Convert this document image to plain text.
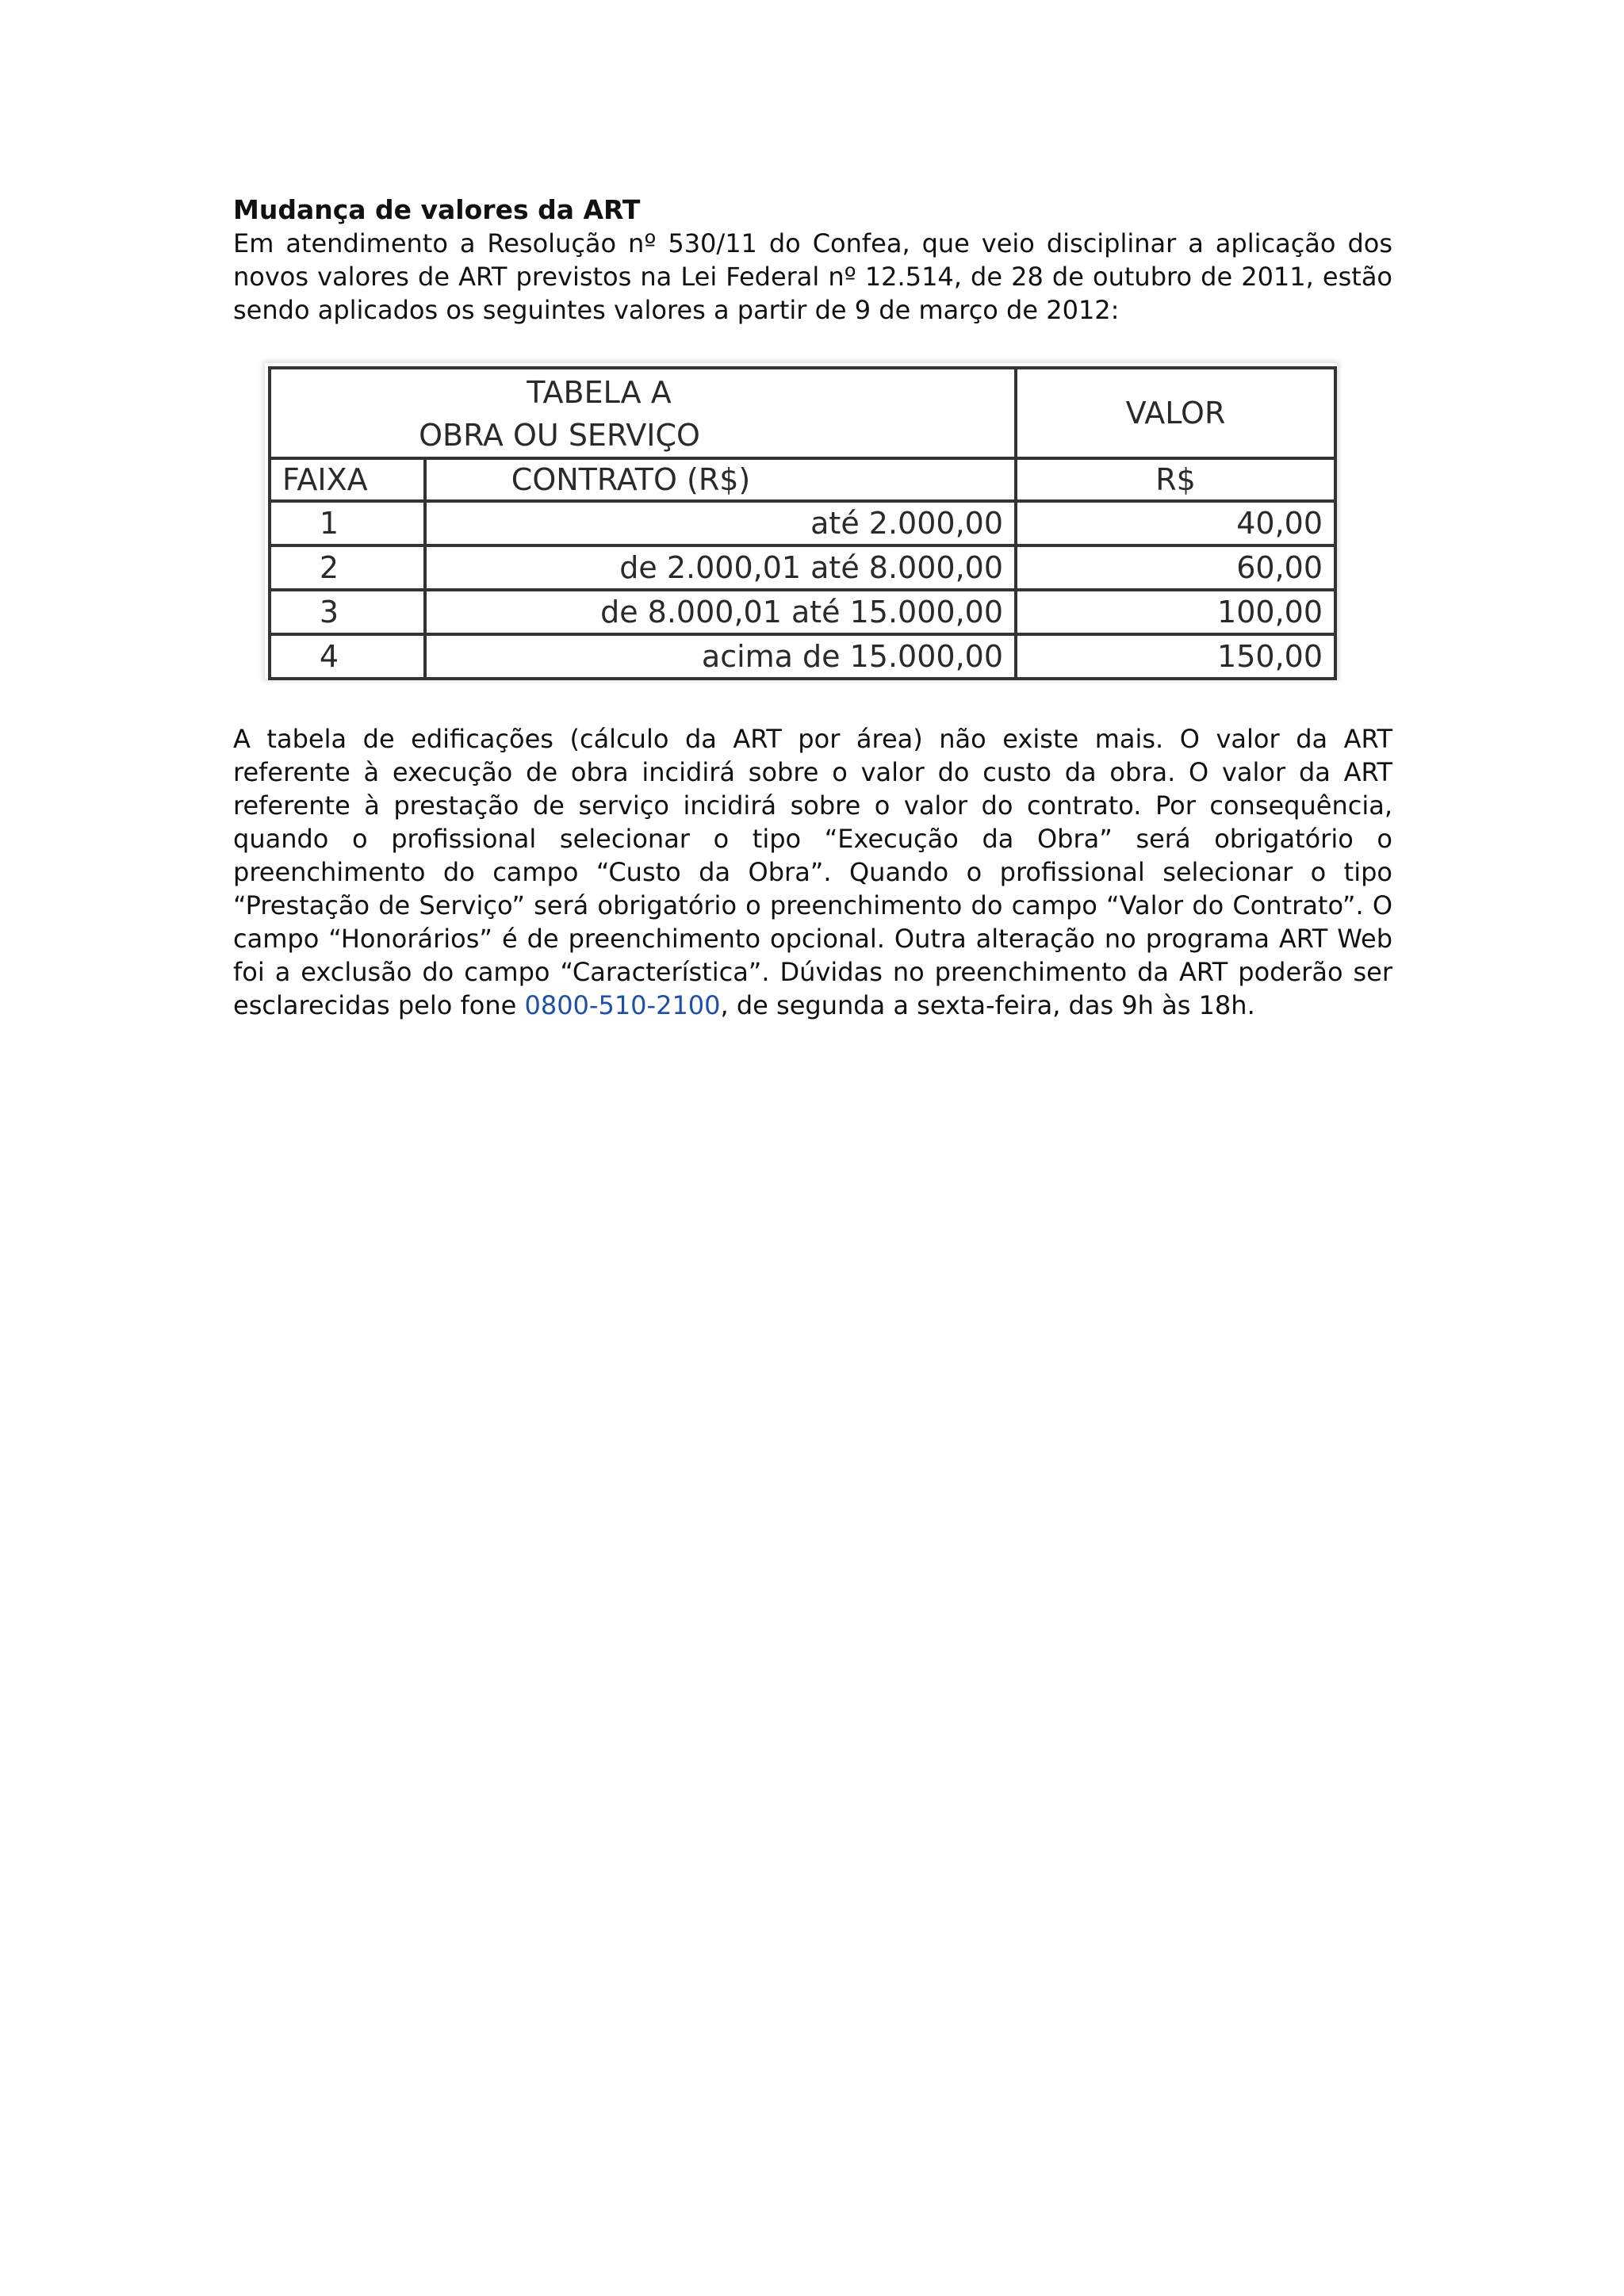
Mudança de valores da ART

Em atendimento a Resolução nº 530/11 do Confea, que veio disciplinar a aplicação dos novos valores de ART previstos na Lei Federal nº 12.514, de 28 de outubro de 2011, estão sendo aplicados os seguintes valores a partir de 9 de março de 2012:

TABELA A
OBRA OU SERVIÇO		VALOR
FAIXA	CONTRATO (R$)	R$
1	até 2.000,00	40,00
2	de 2.000,01 até 8.000,00	60,00
3	de 8.000,01 até 15.000,00	100,00
4	acima de 15.000,00	150,00

A tabela de edificações (cálculo da ART por área) não existe mais. O valor da ART referente à execução de obra incidirá sobre o valor do custo da obra. O valor da ART referente à prestação de serviço incidirá sobre o valor do contrato. Por consequência, quando o profissional selecionar o tipo “Execução da Obra” será obrigatório o preenchimento do campo “Custo da Obra”. Quando o profissional selecionar o tipo “Prestação de Serviço” será obrigatório o preenchimento do campo “Valor do Contrato”. O campo “Honorários” é de preenchimento opcional. Outra alteração no programa ART Web foi a exclusão do campo “Característica”. Dúvidas no preenchimento da ART poderão ser esclarecidas pelo fone 0800-510-2100, de segunda a sexta-feira, das 9h às 18h.
